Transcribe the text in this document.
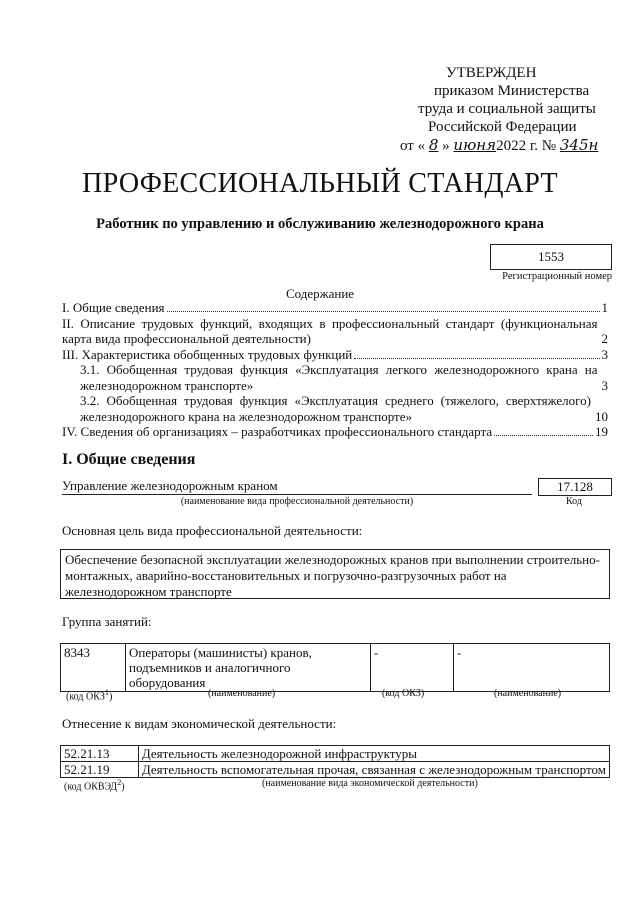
УТВЕРЖДЕН
приказом Министерства
труда и социальной защиты
Российской Федерации
от « 8 » июня2022 г. № 345н
ПРОФЕССИОНАЛЬНЫЙ СТАНДАРТ
Работник по управлению и обслуживанию железнодорожного крана
1553
Регистрационный номер
Содержание
I. Общие сведения	1
II. Описание трудовых функций, входящих в профессиональный стандарт (функциональная карта вида профессиональной деятельности)	2
III. Характеристика обобщенных трудовых функций	3
3.1. Обобщенная трудовая функция «Эксплуатация легкого железнодорожного крана на железнодорожном транспорте»	3
3.2. Обобщенная трудовая функция «Эксплуатация среднего (тяжелого, сверхтяжелого) железнодорожного крана на железнодорожном транспорте»	10
IV. Сведения об организациях – разработчиках профессионального стандарта	19
I. Общие сведения
Управление железнодорожным краном
(наименование вида профессиональной деятельности)
17.128
Код
Основная цель вида профессиональной деятельности:
Обеспечение безопасной эксплуатации железнодорожных кранов при выполнении строительно-монтажных, аварийно-восстановительных и погрузочно-разгрузочных работ на железнодорожном транспорте
Группа занятий:
8343	Операторы (машинисты) кранов, подъемников и аналогичного оборудования	-	-
(код ОКЗ$^1$)	(наименование)	(код ОКЗ)	(наименование)
Отнесение к видам экономической деятельности:
52.21.13	Деятельность железнодорожной инфраструктуры
52.21.19	Деятельность вспомогательная прочая, связанная с железнодорожным транспортом
(код ОКВЭД$^2$)	(наименование вида экономической деятельности)
